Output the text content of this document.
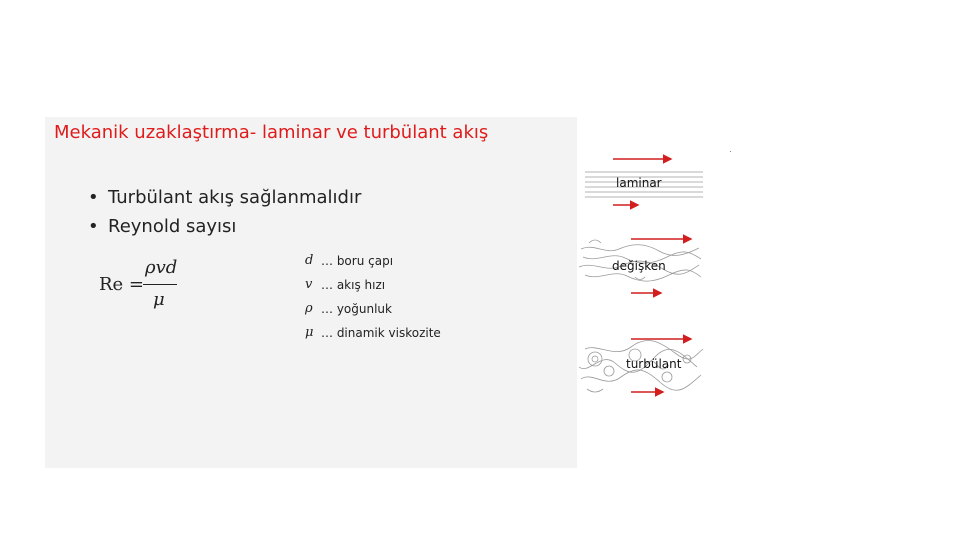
Mekanik uzaklaştırma- laminar ve turbülant akış
• Turbülant akış sağlanmalıdır
• Reynold sayısı
Re =
ρvd
μ
d … boru çapı
v … akış hızı
ρ … yoğunluk
μ … dinamik viskozite
laminar
değişken
turbülant
